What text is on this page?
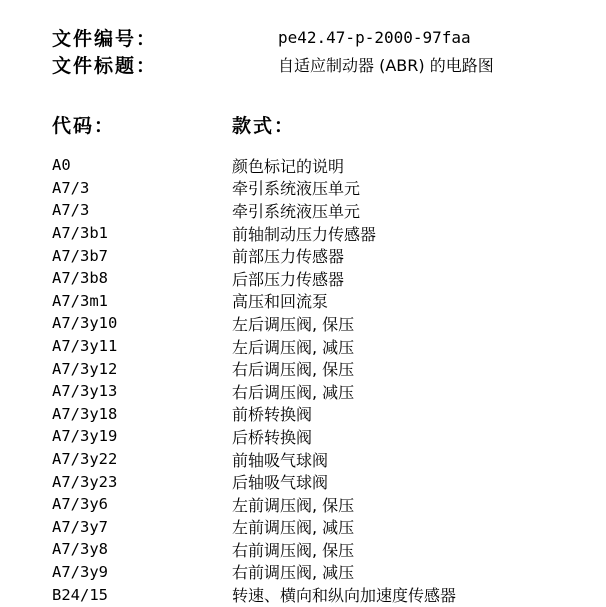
文件编号：	pe42.47-p-2000-97faa
文件标题：	自适应制动器 (ABR) 的电路图
代码：	款式：
A0	颜色标记的说明
A7/3	牵引系统液压单元
A7/3	牵引系统液压单元
A7/3b1	前轴制动压力传感器
A7/3b7	前部压力传感器
A7/3b8	后部压力传感器
A7/3m1	高压和回流泵
A7/3y10	左后调压阀, 保压
A7/3y11	左后调压阀, 减压
A7/3y12	右后调压阀, 保压
A7/3y13	右后调压阀, 减压
A7/3y18	前桥转换阀
A7/3y19	后桥转换阀
A7/3y22	前轴吸气球阀
A7/3y23	后轴吸气球阀
A7/3y6	左前调压阀, 保压
A7/3y7	左前调压阀, 减压
A7/3y8	右前调压阀, 保压
A7/3y9	右前调压阀, 减压
B24/15	转速、横向和纵向加速度传感器
